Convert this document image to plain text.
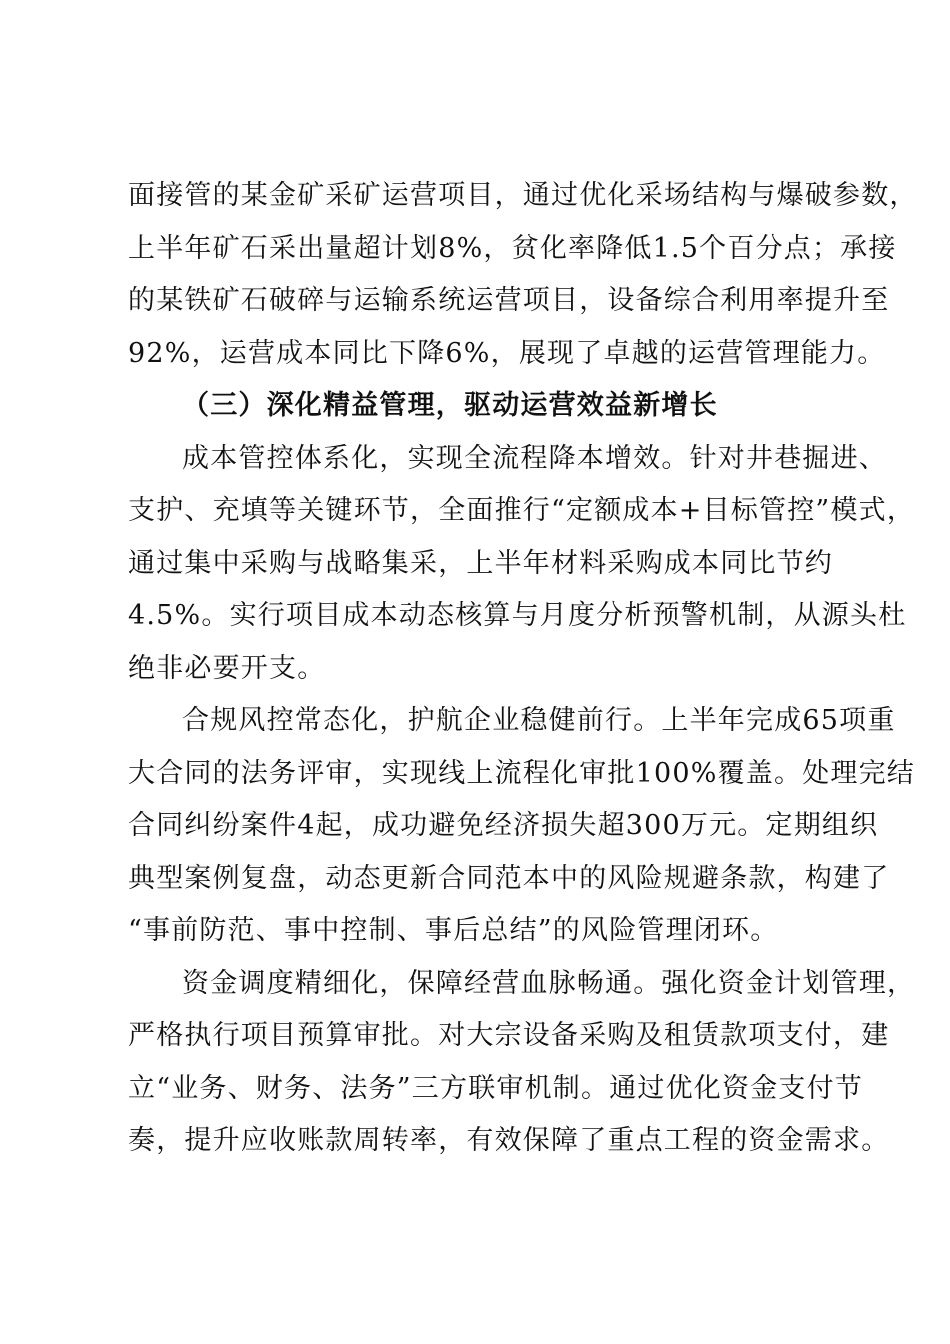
面接管的某金矿采矿运营项目，通过优化采场结构与爆破参数，
上半年矿石采出量超计划8%，贫化率降低1.5个百分点；承接
的某铁矿石破碎与运输系统运营项目，设备综合利用率提升至
92%，运营成本同比下降6%，展现了卓越的运营管理能力。
（三）深化精益管理，驱动运营效益新增长
成本管控体系化，实现全流程降本增效。针对井巷掘进、
支护、充填等关键环节，全面推行“定额成本+目标管控”模式，
通过集中采购与战略集采，上半年材料采购成本同比节约
4.5%。实行项目成本动态核算与月度分析预警机制，从源头杜
绝非必要开支。
合规风控常态化，护航企业稳健前行。上半年完成65项重
大合同的法务评审，实现线上流程化审批100%覆盖。处理完结
合同纠纷案件4起，成功避免经济损失超300万元。定期组织
典型案例复盘，动态更新合同范本中的风险规避条款，构建了
“事前防范、事中控制、事后总结”的风险管理闭环。
资金调度精细化，保障经营血脉畅通。强化资金计划管理，
严格执行项目预算审批。对大宗设备采购及租赁款项支付，建
立“业务、财务、法务”三方联审机制。通过优化资金支付节
奏，提升应收账款周转率，有效保障了重点工程的资金需求。
